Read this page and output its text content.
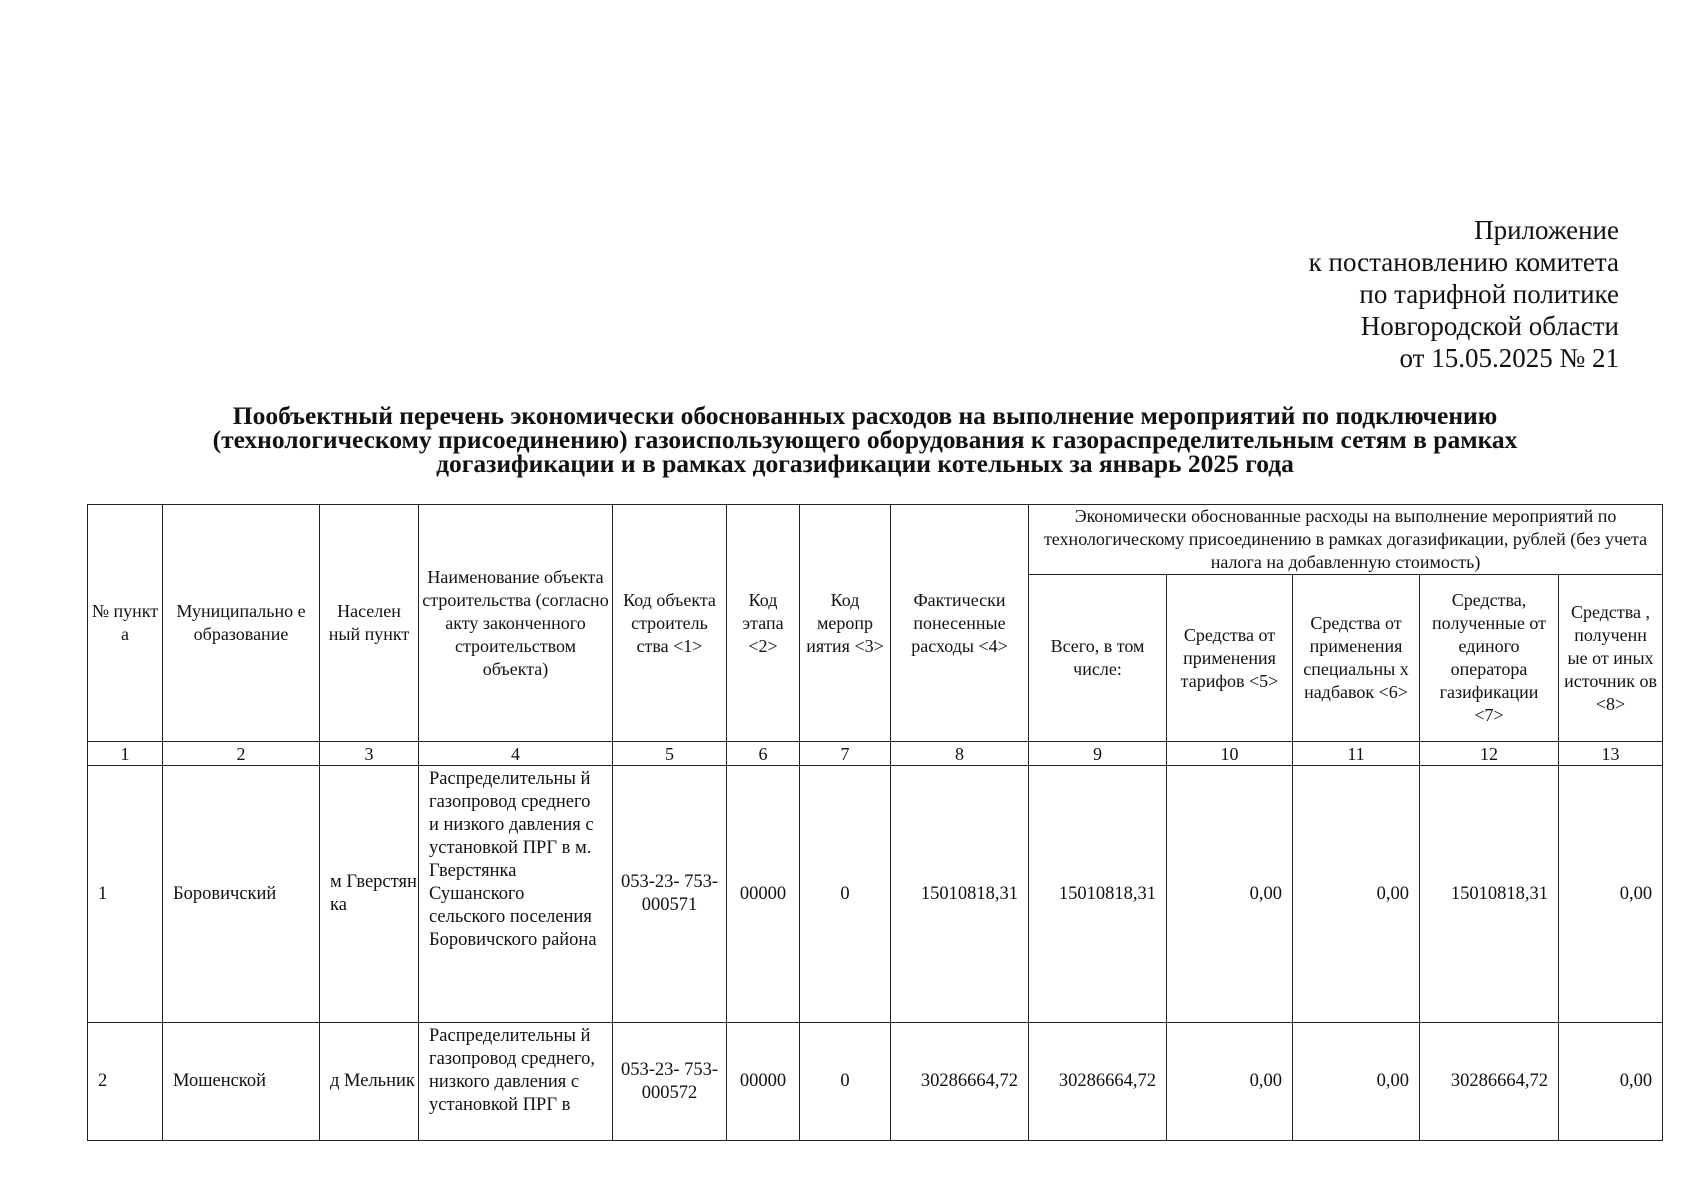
Приложение
к постановлению комитета
по тарифной политике
Новгородской области
от 15.05.2025 № 21
Пообъектный перечень экономически обоснованных расходов на выполнение мероприятий по подключению
(технологическому присоединению) газоиспользующего оборудования к газораспределительным сетям в рамках
догазификации и в рамках догазификации котельных за январь 2025 года
№ пункт а	Муниципально е образование	Населен ный пункт	Наименование объекта строительства (согласно акту законченного строительством объекта)	Код объекта строитель ства <1>	Код этапа <2>	Код меропр иятия <3>	Фактически понесенные расходы <4>	Экономически обоснованные расходы на выполнение мероприятий по технологическому присоединению в рамках догазификации, рублей (без учета налога на добавленную стоимость)				
								Всего, в том числе:	Средства от применения тарифов <5>	Средства от применения специальны х надбавок <6>	Средства, полученные от единого оператора газификации <7>	Средства , полученн ые от иных источник ов <8>
1	2	3	4	5	6	7	8	9	10	11	12	13
1	Боровичский	м Гверстян ка	Распределительны й газопровод среднего и низкого давления с установкой ПРГ в м. Гверстянка Сушанского сельского поселения Боровичского района	053-23- 753- 000571	00000	0	15010818,31	15010818,31	0,00	0,00	15010818,31	0,00
2	Мошенской	д Мельник	Распределительны й газопровод среднего, низкого давления с установкой ПРГ в	053-23- 753- 000572	00000	0	30286664,72	30286664,72	0,00	0,00	30286664,72	0,00
